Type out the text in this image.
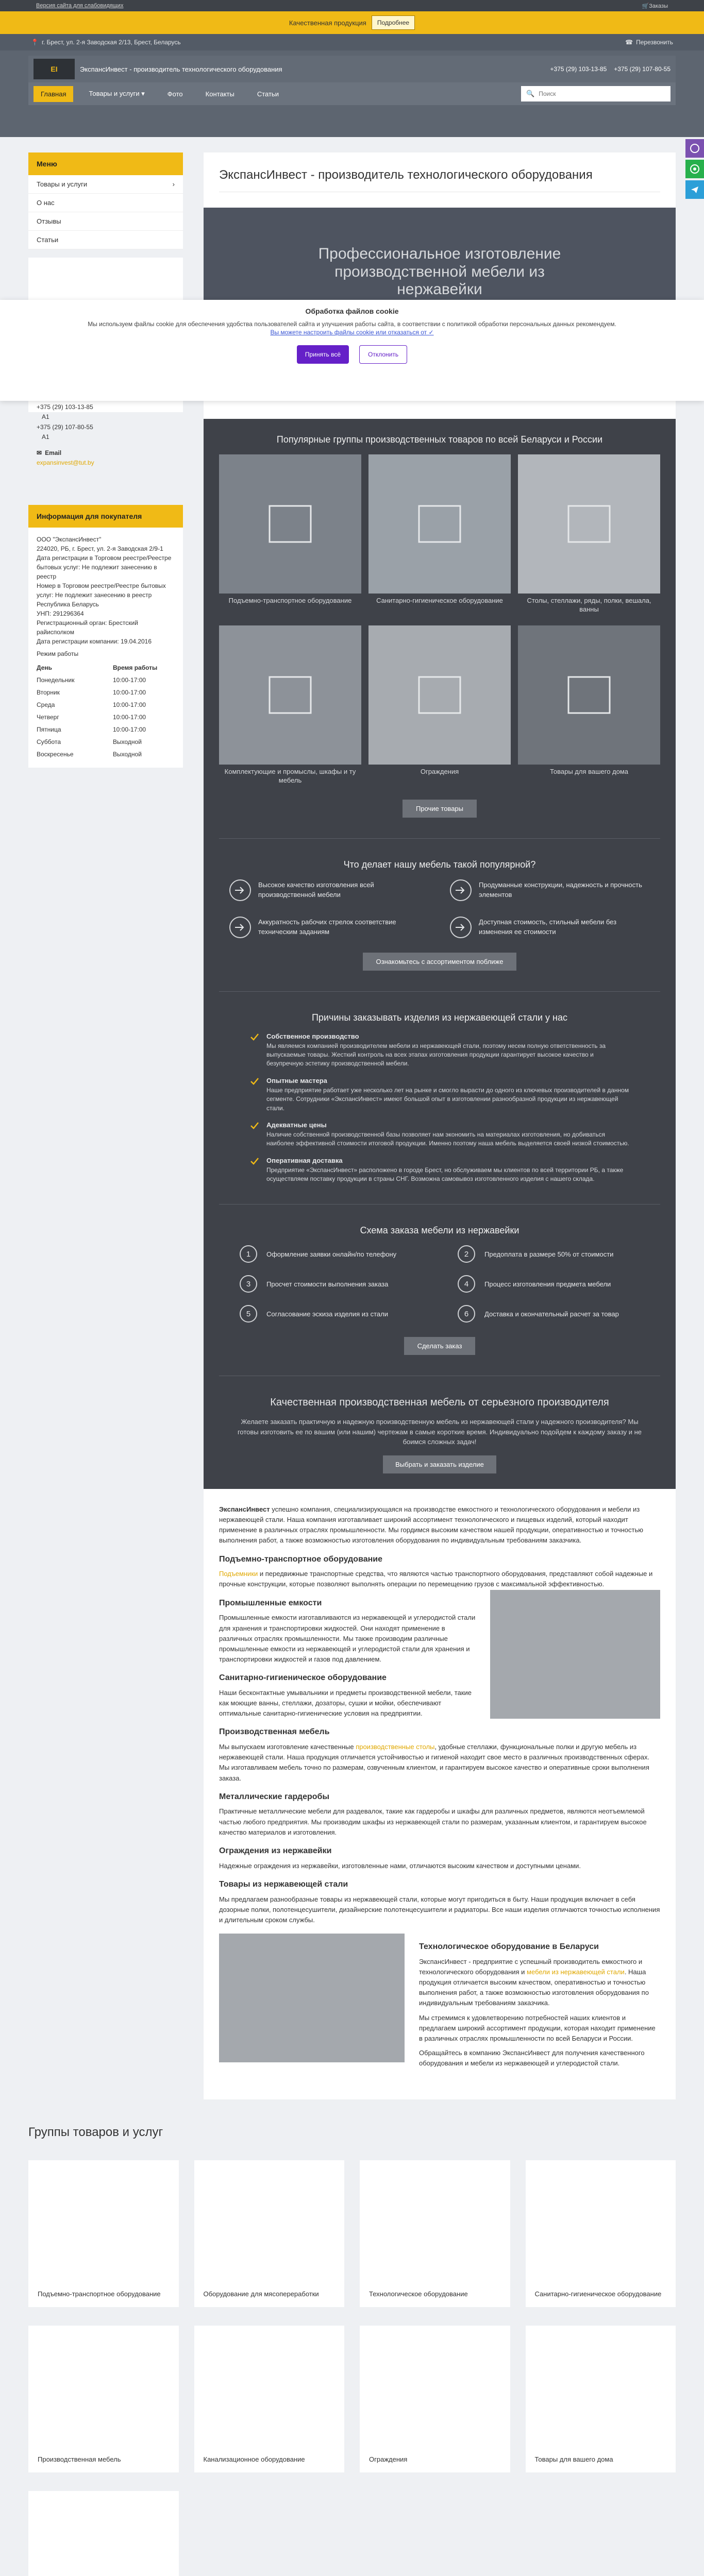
Версия сайта для слабовидящих	🛒Заказы
Качественная продукция	Подробнее
📍 г. Брест, ул. 2-я Заводская 2/13, Брест, Беларусь	☎ Перезвонить
EI	ЭкспансИнвест - производитель технологического оборудования	+375 (29) 103-13-85 +375 (29) 107-80-55
Главная	Товары и услуги ▾	Фото	Контакты	Статьи	🔍
Поиск
Обработка файлов cookie
Мы используем файлы cookie для обеспечения удобства пользователей сайта и улучшения работы сайта, в соответствии с политикой обработки персональных данных рекомендуем.
Вы можете настроить файлы cookie или отказаться от ✓
Принять всё	Отклонить
Меню
Товары и услуги	›
О нас
Отзывы
Статьи
+375 (29) 103-13-85
A1
+375 (29) 107-80-55
A1
✉ Email
expansinvest@tut.by
Информация для покупателя
ООО "ЭкспансИнвест"
224020, РБ, г. Брест, ул. 2-я Заводская 2/9-1
Дата регистрации в Торговом реестре/Реестре бытовых услуг: Не подлежит занесению в реестр
Номер в Торговом реестре/Реестре бытовых услуг: Не подлежит занесению в реестр Республика Беларусь
УНП: 291296364
Регистрационный орган: Брестский райисполком
Дата регистрации компании: 19.04.2016
Режим работы
День	Время работы
Понедельник	10:00-17:00
Вторник	10:00-17:00
Среда	10:00-17:00
Четверг	10:00-17:00
Пятница	10:00-17:00
Суббота	Выходной
Воскресенье	Выходной
ЭкспансИнвест - производитель технологического оборудования
Профессиональное изготовление производственной мебели из нержавейки
Популярные группы производственных товаров по всей Беларуси и России
Подъемно-транспортное оборудование	Санитарно-гигиеническое оборудование	Столы, стеллажи, ряды, полки, вешала, ванны
Комплектующие и промыслы, шкафы и ту мебель
Ограждения	Товары для вашего дома
Прочие товары
Что делает нашу мебель такой популярной?
Высокое качество изготовления всей производственной мебели
Продуманные конструкции, надежность и прочность элементов
Аккуратность рабочих стрелок соответствие техническим заданиям
Доступная стоимость, стильный мебели без изменения ее стоимости
Ознакомьтесь с ассортиментом поближе
Причины заказывать изделия из нержавеющей стали у нас
Собственное производство
Мы являемся компанией производителем мебели из нержавеющей стали, поэтому несем полную ответственность за выпускаемые товары. Жесткий контроль на всех этапах изготовления продукции гарантирует высокое качество и безупречную эстетику производственной мебели.
Опытные мастера
Наше предприятие работает уже несколько лет на рынке и смогло вырасти до одного из ключевых производителей в данном сегменте. Сотрудники «ЭкспансИнвест» имеют большой опыт в изготовлении разнообразной продукции из нержавеющей стали.
Адекватные цены
Наличие собственной производственной базы позволяет нам экономить на материалах изготовления, но добиваться наиболее эффективной стоимости итоговой продукции. Именно поэтому наша мебель выделяется своей низкой стоимостью.
Оперативная доставка
Предприятие «ЭкспансИнвест» расположено в городе Брест, но обслуживаем мы клиентов по всей территории РБ, а также осуществляем поставку продукции в страны СНГ. Возможна самовывоз изготовленного изделия с нашего склада.
Схема заказа мебели из нержавейки
1	Оформление заявки онлайн/по телефону	2	Предоплата в размере 50% от стоимости
3	Просчет стоимости выполнения заказа	4	Процесс изготовления предмета мебели
5	Согласование эскиза изделия из стали	6	Доставка и окончательный расчет за товар
Сделать заказ
Качественная производственная мебель от серьезного производителя
Желаете заказать практичную и надежную производственную мебель из нержавеющей стали у надежного производителя? Мы готовы изготовить ее по вашим (или нашим) чертежам в самые короткие время. Индивидуально подойдем к каждому заказу и не боимся сложных задач!
Выбрать и заказать изделие

ЭкспансИнвест успешно компания, специализирующаяся на производстве емкостного и технологического оборудования и мебели из нержавеющей стали. Наша компания изготавливает широкий ассортимент технологического и пищевых изделий, который находит применение в различных отраслях промышленности. Мы гордимся высоким качеством нашей продукции, оперативностью и точностью выполнения работ, а также возможностью изготовления оборудования по индивидуальным требованиям заказчика.

Подъемно-транспортное оборудование

Подъемники и передвижные транспортные средства, что являются частью транспортного оборудования, представляют собой надежные и прочные конструкции, которые позволяют выполнять операции по перемещению грузов с максимальной эффективностью.

Промышленные емкости

Промышленные емкости изготавливаются из нержавеющей и углеродистой стали для хранения и транспортировки жидкостей. Они находят применение в различных отраслях промышленности. Мы также производим различные промышленные емкости из нержавеющей и углеродистой стали для хранения и транспортировки жидкостей и газов под давлением.

Санитарно-гигиеническое оборудование

Наши бесконтактные умывальники и предметы производственной мебели, такие как моющие ванны, стеллажи, дозаторы, сушки и мойки, обеспечивают оптимальные санитарно-гигиенические условия на предприятии.

Производственная мебель

Мы выпускаем изготовление качественные производственные столы, удобные стеллажи, функциональные полки и другую мебель из нержавеющей стали. Наша продукция отличается устойчивостью и гигиеной находит свое место в различных производственных сферах. Мы изготавливаем мебель точно по размерам, озвученным клиентом, и гарантируем высокое качество и оперативные сроки выполнения заказа.

Металлические гардеробы

Практичные металлические мебели для раздевалок, такие как гардеробы и шкафы для различных предметов, являются неотъемлемой частью любого предприятия. Мы производим шкафы из нержавеющей стали по размерам, указанным клиентом, и гарантируем высокое качество материалов и изготовления.

Ограждения из нержавейки

Надежные ограждения из нержавейки, изготовленные нами, отличаются высоким качеством и доступными ценами.

Товары из нержавеющей стали

Мы предлагаем разнообразные товары из нержавеющей стали, которые могут пригодиться в быту. Наши продукция включает в себя дозорные полки, полотенцесушители, дизайнерские полотенцесушители и радиаторы. Все наши изделия отличаются точностью исполнения и длительным сроком службы.

Технологическое оборудование в Беларуси

ЭкспансИнвест - предприятие с успешный производитель емкостного и технологического оборудования и мебели из нержавеющей стали. Наша продукция отличается высоким качеством, оперативностью и точностью выполнения работ, а также возможностью изготовления оборудования по индивидуальным требованиям заказчика.

Мы стремимся к удовлетворению потребностей наших клиентов и предлагаем широкий ассортимент продукции, которая находит применение в различных отраслях промышленности по всей Беларуси и России.

Обращайтесь в компанию ЭкспансИнвест для получения качественного оборудования и мебели из нержавеющей и углеродистой стали.

Группы товаров и услуг
Подъемно-транспортное оборудование	Оборудование для мясопереработки	Технологическое оборудование	Санитарно-гигиеническое оборудование
Производственная мебель	Канализационное оборудование	Ограждения	Товары для вашего дома
